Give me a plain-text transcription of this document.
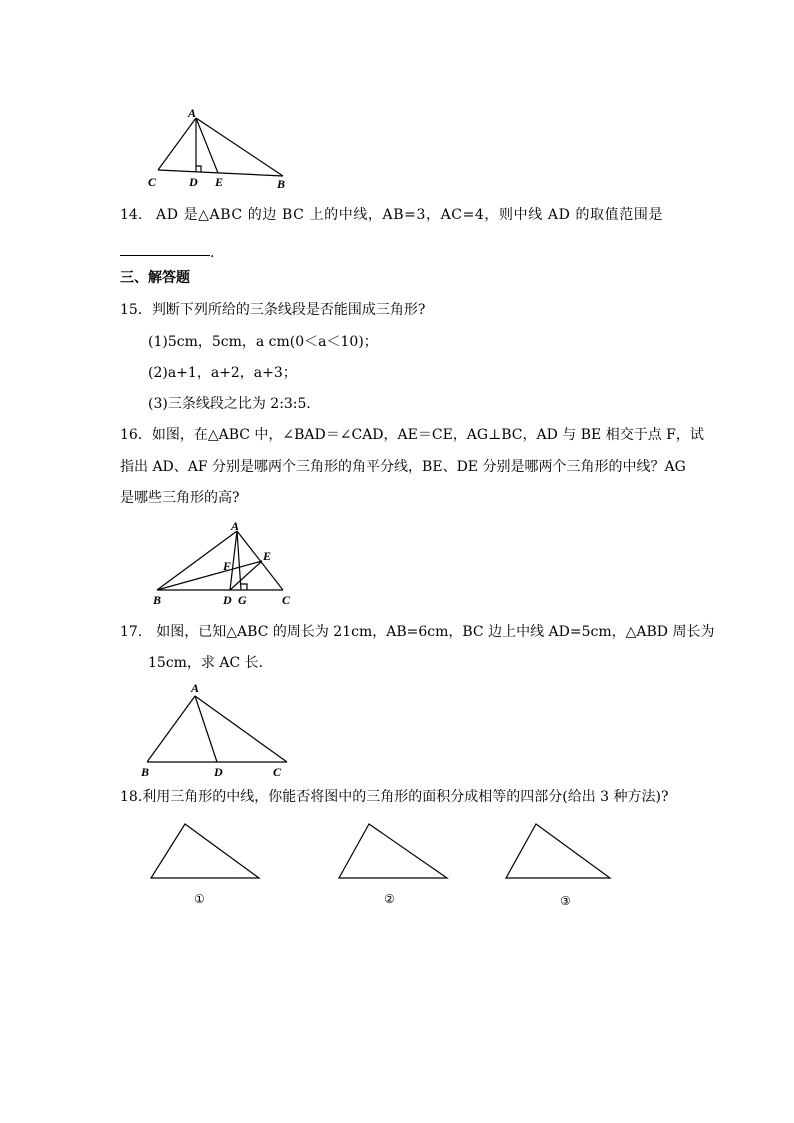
A
C	D E	B
14. AD 是△ABC 的边 BC 上的中线，AB=3，AC=4，则中线 AD 的取值范围是
.
三、解答题
15．判断下列所给的三条线段是否能围成三角形?
(1)5cm，5cm，a cm(0＜a＜10)；
(2)a+1，a+2，a+3；
(3)三条线段之比为 2:3:5．
16．如图，在△ABC 中，∠BAD＝∠CAD，AE＝CE，AG⊥BC，AD 与 BE 相交于点 F，试
指出 AD、AF 分别是哪两个三角形的角平分线，BE、DE 分别是哪两个三角形的中线？AG
是哪些三角形的高?
A
E
F
B	D G	C
17.　如图，已知△ABC 的周长为 21cm，AB=6cm，BC 边上中线 AD=5cm，△ABD 周长为
15cm，求 AC 长．
A
B	D	C
18.利用三角形的中线，你能否将图中的三角形的面积分成相等的四部分(给出 3 种方法)?
①	②	③
